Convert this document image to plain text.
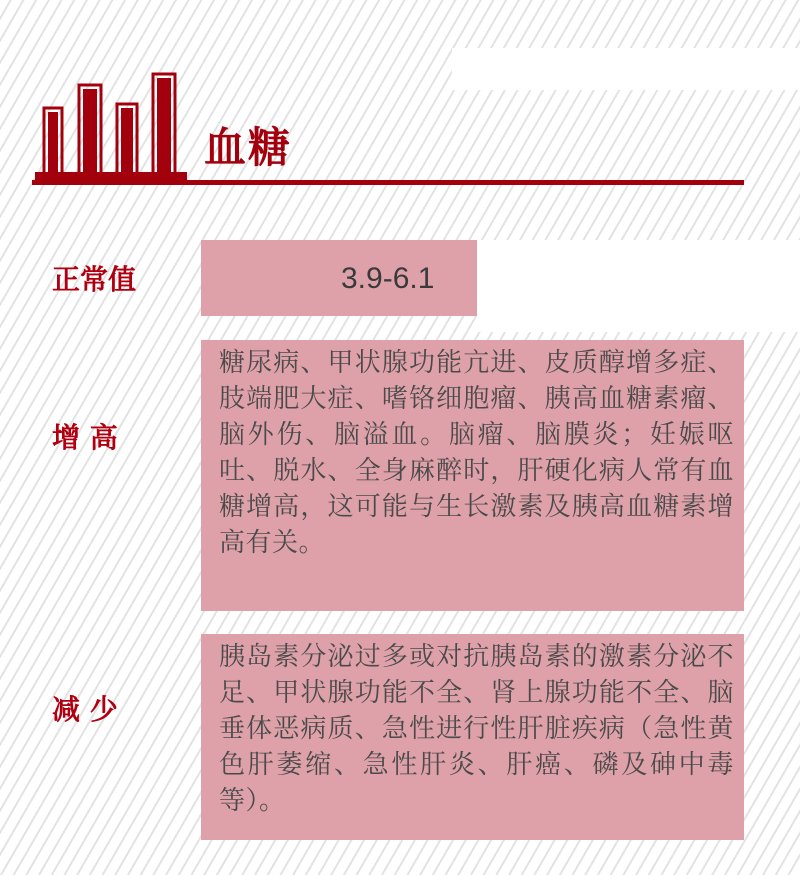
血糖
正常值	3.9-6.1
增 高

糖尿病、甲状腺功能亢进、皮质醇增多症、肢端肥大症、嗜铬细胞瘤、胰高血糖素瘤、脑外伤、脑溢血。脑瘤、脑膜炎；妊娠呕吐、脱水、全身麻醉时，肝硬化病人常有血糖增高，这可能与生长激素及胰高血糖素增高有关。

减 少

胰岛素分泌过多或对抗胰岛素的激素分泌不足、甲状腺功能不全、肾上腺功能不全、脑垂体恶病质、急性进行性肝脏疾病（急性黄色肝萎缩、急性肝炎、肝癌、磷及砷中毒等）。
